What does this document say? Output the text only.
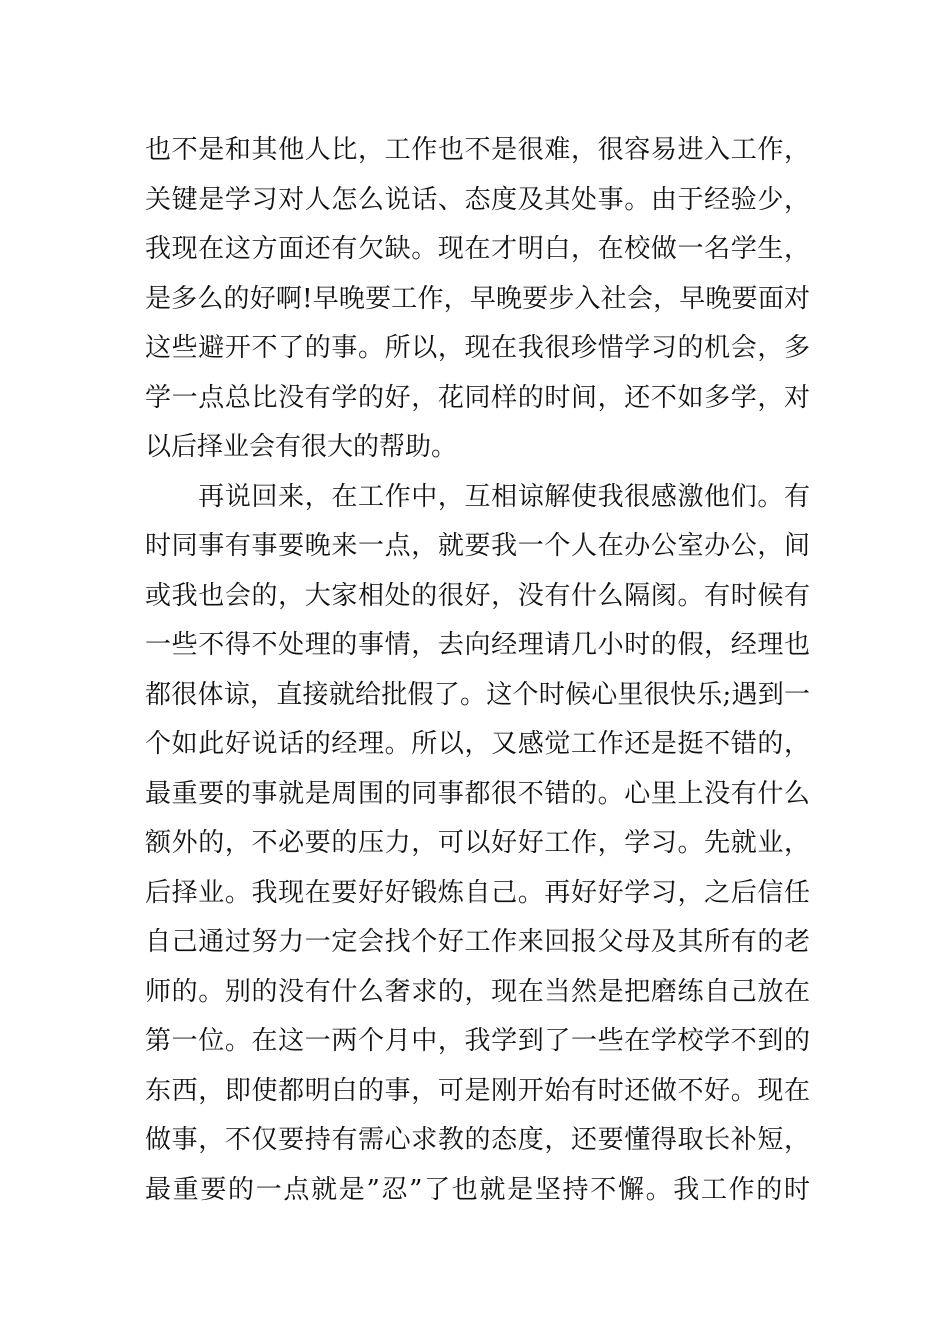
也不是和其他人比，工作也不是很难，很容易进入工作，
关键是学习对人怎么说话、态度及其处事。由于经验少，
我现在这方面还有欠缺。现在才明白，在校做一名学生，
是多么的好啊!早晚要工作，早晚要步入社会，早晚要面对
这些避开不了的事。所以，现在我很珍惜学习的机会，多
学一点总比没有学的好，花同样的时间，还不如多学，对
以后择业会有很大的帮助。
　　再说回来，在工作中，互相谅解使我很感激他们。有
时同事有事要晚来一点，就要我一个人在办公室办公，间
或我也会的，大家相处的很好，没有什么隔阂。有时候有
一些不得不处理的事情，去向经理请几小时的假，经理也
都很体谅，直接就给批假了。这个时候心里很快乐;遇到一
个如此好说话的经理。所以，又感觉工作还是挺不错的，
最重要的事就是周围的同事都很不错的。心里上没有什么
额外的，不必要的压力，可以好好工作，学习。先就业，
后择业。我现在要好好锻炼自己。再好好学习，之后信任
自己通过努力一定会找个好工作来回报父母及其所有的老
师的。别的没有什么奢求的，现在当然是把磨练自己放在
第一位。在这一两个月中，我学到了一些在学校学不到的
东西，即使都明白的事，可是刚开始有时还做不好。现在
做事，不仅要持有需心求教的态度，还要懂得取长补短，
最重要的一点就是”忍”了也就是坚持不懈。我工作的时
